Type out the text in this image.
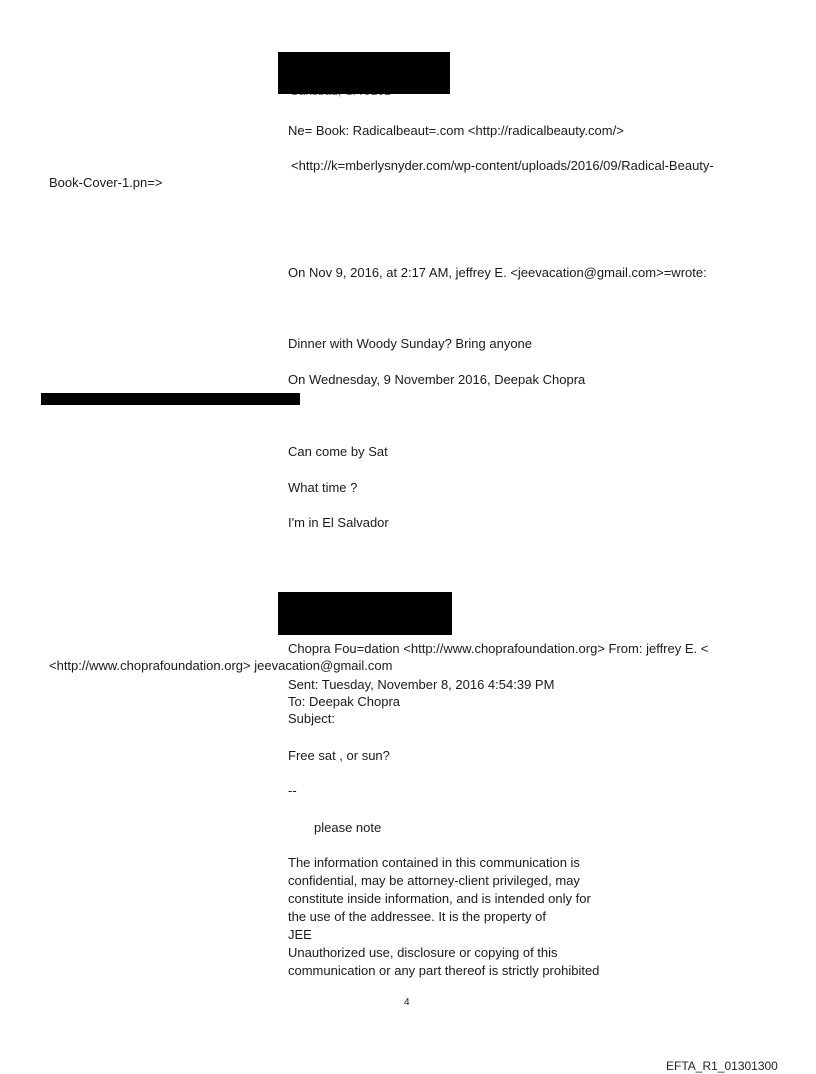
Ne= Book: Radicalbeaut=.com <http://radicalbeauty.com/>
<http://k=mberlysnyder.com/wp-content/uploads/2016/09/Radical-Beauty-
Book-Cover-1.pn=>
On Nov 9, 2016, at 2:17 AM, jeffrey E. <jeevacation@gmail.com>=wrote:
Dinner with Woody Sunday? Bring anyone
On Wednesday, 9 November 2016, Deepak Chopra
Can come by Sat
What time ?
I'm in El Salvador
Chopra Fou=dation <http://www.choprafoundation.org> From: jeffrey E. <
<http://www.choprafoundation.org> jeevacation@gmail.com
Sent: Tuesday, November 8, 2016 4:54:39 PM
To: Deepak Chopra
Subject:
Free sat , or sun?
--
please note
The information contained in this communication is
confidential, may be attorney-client privileged, may
constitute inside information, and is intended only for
the use of the addressee. It is the property of
JEE
Unauthorized use, disclosure or copying of this
communication or any part thereof is strictly prohibited
4
EFTA_R1_01301300
